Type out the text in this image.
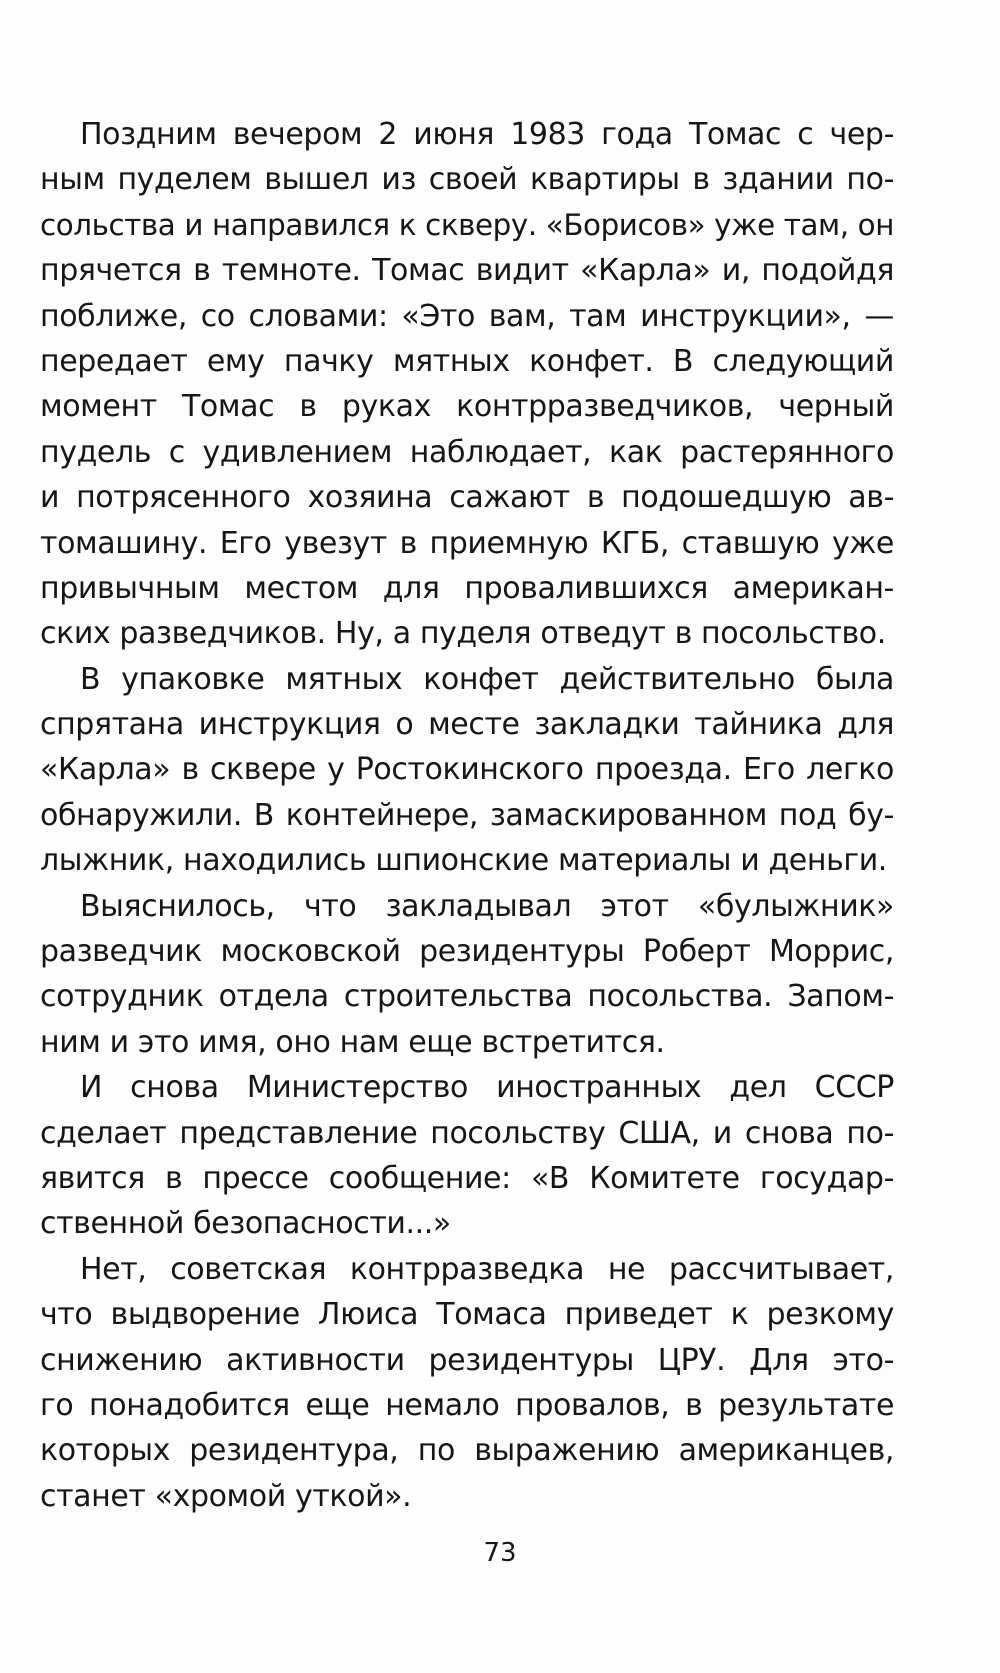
Поздним вечером 2 июня 1983 года Томас с чер-
ным пуделем вышел из своей квартиры в здании по-
сольства и направился к скверу. «Борисов» уже там, он
прячется в темноте. Томас видит «Карла» и, подойдя
поближе, со словами: «Это вам, там инструкции», —
передает ему пачку мятных конфет. В следующий
момент Томас в руках контрразведчиков, черный
пудель с удивлением наблюдает, как растерянного
и потрясенного хозяина сажают в подошедшую ав-
томашину. Его увезут в приемную КГБ, ставшую уже
привычным местом для провалившихся американ-
ских разведчиков. Ну, а пуделя отведут в посольство.
В упаковке мятных конфет действительно была
спрятана инструкция о месте закладки тайника для
«Карла» в сквере у Ростокинского проезда. Его легко
обнаружили. В контейнере, замаскированном под бу-
лыжник, находились шпионские материалы и деньги.
Выяснилось, что закладывал этот «булыжник»
разведчик московской резидентуры Роберт Моррис,
сотрудник отдела строительства посольства. Запом-
ним и это имя, оно нам еще встретится.
И снова Министерство иностранных дел СССР
сделает представление посольству США, и снова по-
явится в прессе сообщение: «В Комитете государ-
ственной безопасности...»
Нет, советская контрразведка не рассчитывает,
что выдворение Люиса Томаса приведет к резкому
снижению активности резидентуры ЦРУ. Для это-
го понадобится еще немало провалов, в результате
которых резидентура, по выражению американцев,
станет «хромой уткой».
73
